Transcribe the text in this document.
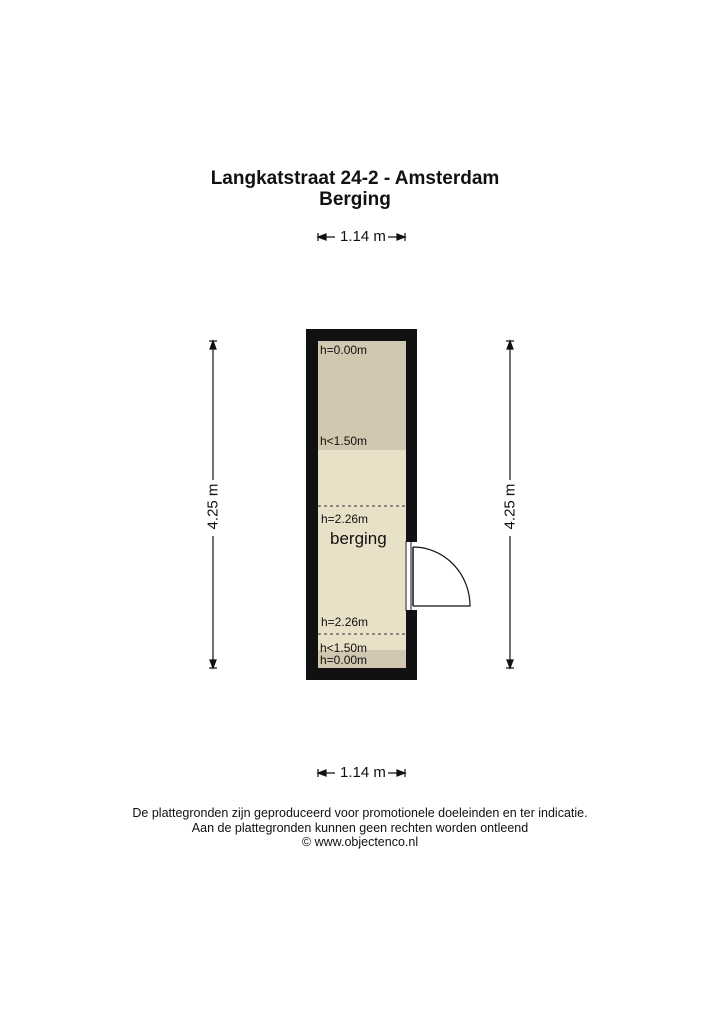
Langkatstraat 24-2 - Amsterdam
Berging
1.14 m
1.14 m
4.25 m	4.25 m
h=0.00m
h<1.50m
h=2.26m
h=2.26m
h<1.50m
h=0.00m
berging
De plattegronden zijn geproduceerd voor promotionele doeleinden en ter indicatie.
Aan de plattegronden kunnen geen rechten worden ontleend
© www.objectenco.nl
